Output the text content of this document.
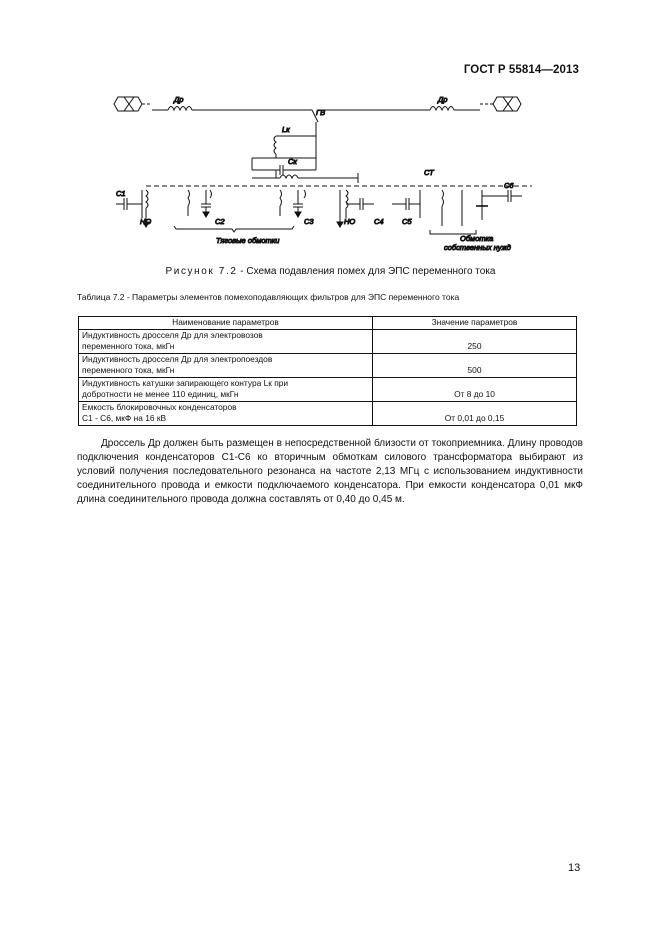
ГОСТ Р 55814—2013
Др
ГВ
Др
Lк
Cк
СТ
С1
С6
НО	С2	С3	НО	С4 С5
Тяговые обмотки	Обмотка
собственных нужд
Рисунок 7.2 - Схема подавления помех для ЭПС переменного тока
Таблица 7.2 - Параметры элементов помехоподавляющих фильтров для ЭПС переменного тока
Наименование параметров	Значение параметров

Индуктивность дросселя Др для электровозов
переменного тока, мкГн	250

Индуктивность дросселя Др для электропоездов
переменного тока, мкГн	500

Индуктивность катушки запирающего контура Lк при
добротности не менее 110 единиц, мкГн	От 8 до 10

Емкость блокировочных конденсаторов
С1 - С6, мкФ на 16 кВ	От 0,01 до 0,15

Дроссель Др должен быть размещен в непосредственной близости от токоприемника. Длину проводов подключения конденсаторов С1-С6 ко вторичным обмоткам силового трансформатора выбирают из условий получения последовательного резонанса на частоте 2,13 МГц с использованием индуктивности соединительного провода и емкости подключаемого конденсатора. При емкости конденсатора 0,01 мкФ длина соединительного провода должна составлять от 0,40 до 0,45 м.

13
